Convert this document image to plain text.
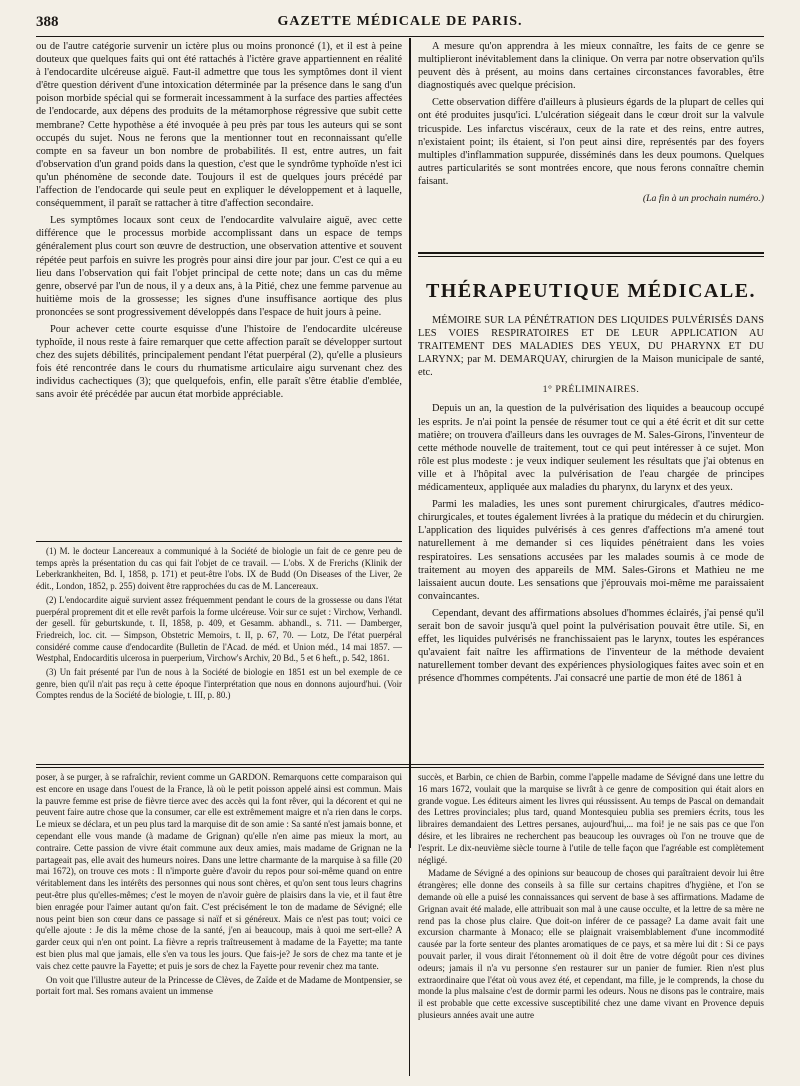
388	GAZETTE MÉDICALE DE PARIS.

ou de l'autre catégorie survenir un ictère plus ou moins prononcé (1), et il est à peine douteux que quelques faits qui ont été rattachés à l'ictère grave appartiennent en réalité à l'endocardite ulcéreuse aiguë. Faut-il admettre que tous les symptômes dont il vient d'être question dérivent d'une intoxication déterminée par la présence dans le sang d'un poison morbide spécial qui se formerait incessamment à la surface des parties affectées de l'endocarde, aux dépens des produits de la métamorphose régressive que subit cette membrane? Cette hypothèse a été invoquée à peu près par tous les auteurs qui se sont occupés du sujet. Nous ne ferons que la mentionner tout en reconnaissant qu'elle compte en sa faveur un bon nombre de probabilités. Il est, entre autres, un fait d'observation d'un grand poids dans la question, c'est que le syndrôme typhoïde n'est ici qu'un phénomène de seconde date. Toujours il est de quelques jours précédé par l'affection de l'endocarde qui seule peut en expliquer le développement et à laquelle, conséquemment, il paraît se rattacher à titre d'affection secondaire.

Les symptômes locaux sont ceux de l'endocardite valvulaire aiguë, avec cette différence que le processus morbide accomplissant dans un espace de temps généralement plus court son œuvre de destruction, une observation attentive et souvent répétée peut parfois en suivre les progrès pour ainsi dire jour par jour. C'est ce qui a eu lieu dans l'observation qui fait l'objet principal de cette note; dans un cas du même genre, observé par l'un de nous, il y a deux ans, à la Pitié, chez une femme parvenue au huitième mois de la grossesse; les signes d'une insuffisance aortique des plus prononcées se sont progressivement développés dans l'espace de huit jours à peine.

Pour achever cette courte esquisse d'une l'histoire de l'endocardite ulcéreuse typhoïde, il nous reste à faire remarquer que cette affection paraît se développer surtout chez des sujets débilités, principalement pendant l'état puerpéral (2), qu'elle a plusieurs fois été rencontrée dans le cours du rhumatisme articulaire aigu survenant chez des individus cachectiques (3); que quelquefois, enfin, elle paraît s'être établie d'emblée, sans avoir été précédée par aucun état morbide appréciable.

(1) M. le docteur Lancereaux a communiqué à la Société de biologie un fait de ce genre peu de temps après la présentation du cas qui fait l'objet de ce travail. — L'obs. X de Frerichs (Klinik der Leberkrankheiten, Bd. I, 1858, p. 171) et peut-être l'obs. IX de Budd (On Diseases of the Liver, 2e édit., London, 1852, p. 255) doivent être rapprochées du cas de M. Lancereaux.

(2) L'endocardite aiguë survient assez fréquemment pendant le cours de la grossesse ou dans l'état puerpéral proprement dit et elle revêt parfois la forme ulcéreuse. Voir sur ce sujet : Virchow, Verhandl. der gesell. für geburtskunde, t. II, 1858, p. 409, et Gesamm. abhandl., s. 711. — Damberger, Friedreich, loc. cit. — Simpson, Obstetric Memoirs, t. II, p. 67, 70. — Lotz, De l'état puerpéral considéré comme cause d'endocardite (Bulletin de l'Acad. de méd. et Union méd., 14 mai 1857. — Westphal, Endocarditis ulcerosa in puerperium, Virchow's Archiv, 20 Bd., 5 et 6 heft., p. 542, 1861.

(3) Un fait présenté par l'un de nous à la Société de biologie en 1851 est un bel exemple de ce genre, bien qu'il n'ait pas reçu à cette époque l'interprétation que nous en donnons aujourd'hui. (Voir Comptes rendus de la Société de biologie, t. III, p. 80.)

A mesure qu'on apprendra à les mieux connaître, les faits de ce genre se multiplieront inévitablement dans la clinique. On verra par notre observation qu'ils peuvent dès à présent, au moins dans certaines circonstances favorables, être diagnostiqués avec quelque précision.

Cette observation diffère d'ailleurs à plusieurs égards de la plupart de celles qui ont été produites jusqu'ici. L'ulcération siégeait dans le cœur droit sur la valvule tricuspide. Les infarctus viscéraux, ceux de la rate et des reins, entre autres, n'existaient point; ils étaient, si l'on peut ainsi dire, représentés par des foyers multiples d'inflammation suppurée, disséminés dans les deux poumons. Quelques autres particularités se sont montrées encore, que nous ferons connaître chemin faisant.

(La fin à un prochain numéro.)

THÉRAPEUTIQUE MÉDICALE.

MÉMOIRE SUR LA PÉNÉTRATION DES LIQUIDES PULVÉRISÉS DANS LES VOIES RESPIRATOIRES ET DE LEUR APPLICATION AU TRAITEMENT DES MALADIES DES YEUX, DU PHARYNX ET DU LARYNX; par M. DEMARQUAY, chirurgien de la Maison municipale de santé, etc.

1° PRÉLIMINAIRES.

Depuis un an, la question de la pulvérisation des liquides a beaucoup occupé les esprits. Je n'ai point la pensée de résumer tout ce qui a été écrit et dit sur cette matière; on trouvera d'ailleurs dans les ouvrages de M. Sales-Girons, l'inventeur de cette méthode nouvelle de traitement, tout ce qui peut intéresser à ce sujet. Mon rôle est plus modeste : je veux indiquer seulement les résultats que j'ai obtenus en ville et à l'hôpital avec la pulvérisation de l'eau chargée de principes médicamenteux, appliquée aux maladies du pharynx, du larynx et des yeux.

Parmi les maladies, les unes sont purement chirurgicales, d'autres médico-chirurgicales, et toutes également livrées à la pratique du médecin et du chirurgien. L'application des liquides pulvérisés à ces genres d'affections m'a amené tout naturellement à me demander si ces liquides pénétraient dans les voies respiratoires. Les sensations accusées par les malades soumis à ce mode de traitement au moyen des appareils de MM. Sales-Girons et Mathieu ne me laissaient aucun doute. Les sensations que j'éprouvais moi-même me paraissaient convaincantes.

Cependant, devant des affirmations absolues d'hommes éclairés, j'ai pensé qu'il serait bon de savoir jusqu'à quel point la pulvérisation pouvait être utile. Si, en effet, les liquides pulvérisés ne franchissaient pas le larynx, toutes les espérances qu'avaient fait naître les affirmations de l'inventeur de la méthode devaient naturellement tomber devant des expériences physiologiques faites avec soin et en présence d'hommes compétents. J'ai consacré une partie de mon été de 1861 à

poser, à se purger, à se rafraîchir, revient comme un GARDON. Remarquons cette comparaison qui est encore en usage dans l'ouest de la France, là où le petit poisson appelé ainsi est commun. Mais la pauvre femme est prise de fièvre tierce avec des accès qui la font rêver, qui la décorent et qui ne peuvent faire autre chose que la consumer, car elle est extrêmement maigre et n'a rien dans le corps. Le mieux se déclara, et un peu plus tard la marquise dit de son amie : Sa santé n'est jamais bonne, et cependant elle vous mande (à madame de Grignan) qu'elle n'en aime pas mieux la mort, au contraire. Cette passion de vivre était commune aux deux amies, mais madame de Grignan ne la partageait pas, elle avait des humeurs noires. Dans une lettre charmante de la marquise à sa fille (20 mai 1672), on trouve ces mots : Il n'importe guère d'avoir du repos pour soi-même quand on entre véritablement dans les intérêts des personnes qui nous sont chères, et qu'on sent tous leurs chagrins peut-être plus qu'elles-mêmes; c'est le moyen de n'avoir guère de plaisirs dans la vie, et il faut être bien enragée pour l'aimer autant qu'on fait. C'est précisément le ton de madame de Sévigné; elle nous peint bien son cœur dans ce passage si naïf et si généreux. Mais ce n'est pas tout; voici ce qu'elle ajoute : Je dis la même chose de la santé, j'en ai beaucoup, mais à quoi me sert-elle? A garder ceux qui n'en ont point. La fièvre a repris traîtreusement à madame de la Fayette; ma tante est bien plus mal que jamais, elle s'en va tous les jours. Que fais-je? Je sors de chez ma tante et je vais chez cette pauvre la Fayette; et puis je sors de chez la Fayette pour revenir chez ma tante.

On voit que l'illustre auteur de la Princesse de Clèves, de Zaïde et de Madame de Montpensier, se portait fort mal. Ses romans avaient un immense

succès, et Barbin, ce chien de Barbin, comme l'appelle madame de Sévigné dans une lettre du 16 mars 1672, voulait que la marquise se livrât à ce genre de composition qui était alors en grande vogue. Les éditeurs aiment les livres qui réussissent. Au temps de Pascal on demandait des Lettres provinciales; plus tard, quand Montesquieu publia ses premiers écrits, tous les libraires demandaient des Lettres persanes, aujourd'hui,... ma foi! je ne sais pas ce que l'on désire, et les libraires ne recherchent pas beaucoup les ouvrages où l'on ne trouve que de l'esprit. Le dix-neuvième siècle tourne à l'utile de telle façon que l'agréable est complètement négligé.

Madame de Sévigné a des opinions sur beaucoup de choses qui paraîtraient devoir lui être étrangères; elle donne des conseils à sa fille sur certains chapitres d'hygiène, et l'on se demande où elle a puisé les connaissances qui servent de base à ses affirmations. Madame de Grignan avait été malade, elle attribuait son mal à une cause occulte, et la lettre de sa mère ne rend pas la chose plus claire. Que doit-on inférer de ce passage? La dame avait fait une excursion charmante à Monaco; elle se plaignait vraisemblablement d'une incommodité causée par la forte senteur des plantes aromatiques de ce pays, et sa mère lui dit : Si ce pays pouvait parler, il vous dirait l'étonnement où il doit être de votre dégoût pour ces divines odeurs; jamais il n'a vu personne s'en restaurer sur un panier de fumier. Rien n'est plus extraordinaire que l'état où vous avez été, et cependant, ma fille, je le comprends, la chose du monde la plus malsaine c'est de dormir parmi les odeurs. Nous ne disons pas le contraire, mais il est probable que cette excessive susceptibilité chez une dame vivant en Provence depuis plusieurs années avait une autre
